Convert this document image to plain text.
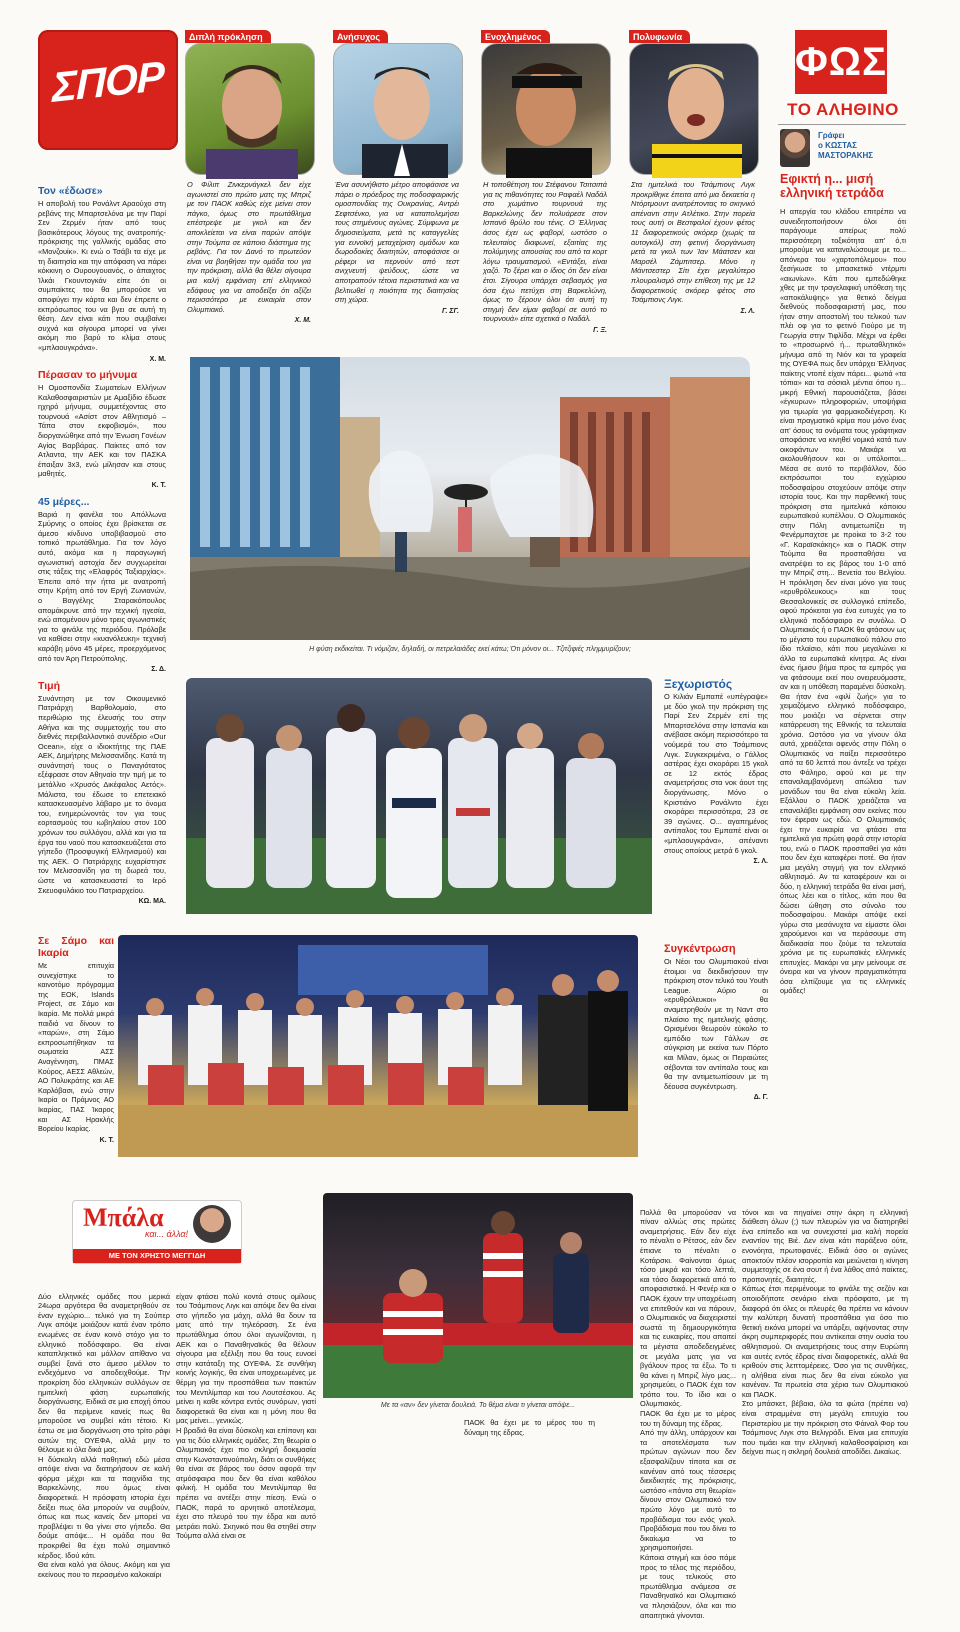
ΣΠΟΡ
Διπλή πρόκληση	Ανήσυχος	Ενοχλημένος	Πολυφωνία

Ο Φίλιπ Ζινκερνάγκελ δεν είχε αγωνιστεί στο πρώτο ματς της Μπριζ με τον ΠΑΟΚ καθώς είχε μείνει στον πάγκο, όμως στο πρωτάθλημα επέστρεψε με γκολ και δεν αποκλείεται να είναι παρών απόψε στην Τούμπα σε κάποιο διάστημα της ρεβάνς. Για τον Δανό το πρωτεύον είναι να βοηθήσει την ομάδα του για την πρόκριση, αλλά θα θέλει σίγουρα μια καλή εμφάνιση επί ελληνικού εδάφους για να αποδείξει ότι αξίζει περισσότερο με ευκαιρία στον Ολυμπιακό.

Χ. Μ.

Ένα ασυνήθιστο μέτρο αποφάσισε να πάρει ο πρόεδρος της ποδοσφαιρικής ομοσπονδίας της Ουκρανίας, Αντρέι Σεφτσένκο, για να καταπολεμήσει τους στημένους αγώνες. Σύμφωνα με δημοσιεύματα, μετά τις καταγγελίες για ευνοϊκή μεταχείριση ομάδων και δωροδοκίες διαιτητών, αποφάσισε οι ρέφερι να περνούν από τεστ ανιχνευτή ψεύδους, ώστε να αποτραπούν τέτοια περιστατικά και να βελτιωθεί η ποιότητα της διαιτησίας στη χώρα.

Γ. ΣΓ.

Η τοποθέτηση του Στέφανου Τσιτσιπά για τις πιθανότητες του Ραφαέλ Ναδάλ στο χωμάτινο τουρνουά της Βαρκελώνης δεν πολυάρεσε στον Ισπανό θρύλο του τένις. Ο Έλληνας άσος έχει ως φαβορί, ωστόσο ο τελευταίος διαφωνεί, εξαιτίας της πολύμηνης απουσίας του από τα κορτ λόγω τραυματισμού. «Εντάξει, είναι χαζό. Το ξέρει και ο ίδιος ότι δεν είναι έτσι. Σίγουρα υπάρχει σεβασμός για όσα έχω πετύχει στη Βαρκελώνη, όμως το ξέρουν όλοι ότι αυτή τη στιγμή δεν είμαι φαβορί σε αυτό το τουρνουά» είπε σχετικά ο Ναδάλ.

Γ. Ξ.

Στα ημιτελικά του Τσάμπιονς Λιγκ προκρίθηκε έπειτα από μια δεκαετία η Ντόρτμουντ ανατρέποντας το σκηνικό απέναντι στην Ατλέτικο. Στην πορεία τους αυτή οι Βεστφαλοί έχουν φέτος 11 διαφορετικούς σκόρερ (χωρίς τα αυτογκόλ) στη φετινή διοργάνωση μετά τα γκολ των Ίαν Μάατσεν και Μαρσέλ Ζάμπιτσερ. Μόνο η Μάντσεστερ Σίτι έχει μεγαλύτερο πλουραλισμό στην επίθεση της με 12 διαφορετικούς σκόρερ φέτος στο Τσάμπιονς Λιγκ.

Σ. Λ.
ΦΩΣ
ΤΟ ΑΛΗΘΙΝΟ
Γράφει
ο ΚΩΣΤΑΣ
ΜΑΣΤΟΡΑΚΗΣ
Εφικτή η... μισή ελληνική τετράδα

Η απεργία του κλάδου επιτρέπει να συνειδητοποιήσουν όλοι ότι παράγουμε απείρως πολύ περισσότερη τοξικότητα απ' ό,τι μπορούμε να καταναλώσουμε με το... απόνερα του «χαρτοπόλεμου» που ξεσήκωσε το μπασκετικό ντέρμπι «αιωνίων». Κάτι που εμπεδώθηκε χθες με την τραγελαφική υπόθεση της «αποκάλυψης» για θετικό δείγμα διεθνούς ποδοσφαιριστή μας, που ήταν στην αποστολή του τελικού των πλέι οφ για το φετινό Γιούρο με τη Γεωργία στην Τιφλίδα. Μέχρι να έρθει το «προσωρινό ή... πρωταθλητικό» μήνυμα από τη Νιόν και τα γραφεία της ΟΥΕΦΑ πως δεν υπάρχει Έλληνας παίκτης ντοπέ είχαν πάρει... φωτιά «τα τόπια» και τα σόσιαλ μέντια όπου η... μικρή Εθνική παρουσιάζεται, βάσει «έγκυρων» πληροφοριών, υποψήφια για τιμωρία για φαρμακοδιέγερση. Κι είναι πραγματικό κρίμα που μόνο ένας απ' όσους τα ονόματα τους γράφτηκαν αποφάσισε να κινηθεί νομικά κατά των οικοφάντων του. Μακάρι να ακολουθήσουν και οι υπόλοιποι... Μέσα σε αυτό το περιβάλλον, δύο εκπρόσωποι του εγχώριου ποδοσφαίρου στοχεύουν απόψε στην ιστορία τους. Και την παρθενική τους πρόκριση στα ημιτελικά κάποιου ευρωπαϊκού κυπέλλου. Ο Ολυμπιακός στην Πόλη αντιμετωπίζει τη Φενέρμπαχτσε με προίκα το 3-2 του «Γ. Καραϊσκάκης» και ο ΠΑΟΚ στην Τούμπα θα προσπαθήσει να ανατρέψει το εις βάρος του 1-0 από την Μπριζ στη... Βενετία του Βελγίου. Η πρόκληση δεν είναι μόνο για τους «ερυθρόλευκους» και τους Θεσσαλονικείς σε συλλογικό επίπεδο, αφού πρόκειται για ένα ευτυχές για το ελληνικό ποδόσφαιρο εν συνόλω. Ο Ολυμπιακός ή ο ΠΑΟΚ θα φτάσουν ως το μέγιστο του ευρωπαϊκού πάλου στο ίδιο πλαίσιο, κάτι που μεγαλώνει κι άλλο τα ευρωπαϊκά κίνητρα. Ας είναι ένας ήμισυ βήμα προς τα εμπρός για να φτάσουμε εκεί που ονειρευόμαστε, αν και η υπόθεση παραμένει δύσκολη. Θα ήταν ένα «φιλί ζωής» για το χειμαζόμενο ελληνικό ποδόσφαιρο, που μοιάζει να σέρνεται στην κατάρρευση της Εθνικής τα τελευταία χρόνια. Ωστόσο για να γίνουν όλα αυτά, χρειάζεται αφενός στην Πόλη ο Ολυμπιακός να παίξει περισσότερο από τα 60 λεπτά που άντεξε να τρέχει στο Φάληρο, αφού και με την επαναλαμβανόμενη απώλεια των μονάδων του θα είναι εύκολη λεία. Εξάλλου ο ΠΑΟΚ χρειάζεται να επαναλάβει εμφάνιση σαν εκείνες που τον έφεραν ως εδώ. Ο Ολυμπιακός έχει την ευκαιρία να φτάσει στα ημιτελικά για πρώτη φορά στην ιστορία του, ενώ ο ΠΑΟΚ προσπαθεί για κάτι που δεν έχει καταφέρει ποτέ. Θα ήταν μια μεγάλη στιγμή για τον ελληνικό αθλητισμό. Αν τα καταφέρουν και οι δύο, η ελληνική τετράδα θα είναι μισή, όπως λέει και ο τίτλος, κάτι που θα δώσει ώθηση στο σύνολο του ποδοσφαίρου. Μακάρι απόψε εκεί γύρω στα μεσάνυχτα να είμαστε όλοι χαρούμενοι και να περάσουμε στη διαδικασία που ζούμε τα τελευταία χρόνια με τις ευρωπαϊκές ελληνικές επιτυχίες. Μακάρι να μην μείνουμε σε όνειρα και να γίνουν πραγματικότητα όσα ελπίζουμε για τις ελληνικές ομάδες!

Τον «έδωσε»

Η αποβολή του Ρονάλντ Αραούχο στη ρεβάνς της Μπαρτσελόνα με την Παρί Σεν Ζερμέν ήταν από τους βασικότερους λόγους της ανατροπής-πρόκρισης της γαλλικής ομάδας στο «Μονζουίκ». Κι ενώ ο Τσάβι τα είχε με τη διαιτησία και την απόφαση να πάρει κόκκινη ο Ουρουγουανός, ο άπαιχτος Ίλκάι Γκουντογκάν είπε ότι οι συμπαίκτες του θα μπορούσε να αποφύγει την κάρτα και δεν έπρεπε ο εκπρόσωπος του να βγει σε αυτή τη θέση. Δεν είναι κάτι που συμβαίνει συχνά και σίγουρα μπορεί να γίνει ακόμη πιο βαρύ το κλίμα στους «μπλαουγκράνα».

Χ. Μ.
Πέρασαν το μήνυμα

Η Ομοσπονδία Σωματείων Ελλήνων Καλαθοσφαιριστών με Αμαξίδιο έδωσε ηχηρό μήνυμα, συμμετέχοντας στο τουρνουά «Ασίστ στον Αθλητισμό – Τάπα στον εκφοβισμό», που διοργανώθηκε από την Ένωση Γονέων Αγίας Βαρβάρας. Παίκτες από τον Ατλαντα, την ΑΕΚ και τον ΠΑΣΚΑ έπαιξαν 3x3, ενώ μίλησαν και στους μαθητές.

Κ. Τ.
45 μέρες...

Βαριά η φανέλα του Απόλλωνα Σμύρνης ο οποίος έχει βρίσκεται σε άμεσο κίνδυνο υποβιβασμού στο τοπικό πρωτάθλημα. Για τον λόγο αυτό, ακόμα και η παραγωγική αγωνιστική αστοχία δεν συγχωρείται στις τάξεις της «Ελαφρός Ταξιαρχίας». Έπειτα από την ήττα με ανατροπή στην Κρήτη από τον Εργή Ζωνιανών, ο Βαγγέλης Σταρακόπουλος απομάκρυνε από την τεχνική ηγεσία, ενώ απομένουν μόνο τρεις αγωνιστικές για το φινάλε της περιόδου. Πρόλαβε να καθίσει στην «κυανόλευκη» τεχνική καράβη μόνο 45 μέρες, προερχόμενος από τον Άρη Πετρούπολης.

Σ. Δ.
Τιμή

Συνάντηση με τον Οικουμενικό Πατριάρχη Βαρθολομαίο, στο περιθώριο της έλευσής του στην Αθήνα και της συμμετοχής του στο διεθνές περιβαλλοντικό συνέδριο «Our Ocean», είχε ο ιδιοκτήτης της ΠΑΕ ΑΕΚ, Δημήτρης Μελισσανίδης. Κατά τη συνάντησή τους ο Παναγιότατος εξέφρασε στον Αθηναίο την τιμή με το μετάλλιο «Χρυσός Δικέφαλος Αετός». Μάλιστα, του έδωσε το επετειακό κατασκευασμένο λάβαρο με το όνομα του, ενημερώνοντάς τον για τους εορτασμούς του ιωβηλαίου στον 100 χρόνων του συλλόγου, αλλά και για τα έργα του ναού που κατασκευάζεται στο γήπεδο (Προσφυγική Ελληνισμού) και της ΑΕΚ. Ο Πατριάρχης ευχαρίστησε τον Μελισσανίδη για τη δωρεά του, ώστε να κατασκευαστεί το Ιερό Σκευοφυλάκιο του Πατριαρχείου.

ΚΩ. ΜΑ.
Η φύση εκδικείται. Τι νόμιζαν, δηλαδή, οι πετρελαιάδες εκεί κάτω; Ότι μόνον οι... Τζιτζιφιές πλημμυρίζουν;
Ξεχωριστός

Ο Κιλιάν Εμπαπέ «υπέγραψε» με δύο γκολ την πρόκριση της Παρί Σεν Ζερμέν επί της Μπαρτσελόνα στην Ισπανία και ανέβασε ακόμη περισσότερο τα νούμερά του στο Τσάμπιονς Λιγκ. Συγκεκριμένα, ο Γάλλος αστέρας έχει σκοράρει 15 γκολ σε 12 εκτός έδρας αναμετρήσεις στα νοκ άουτ της διοργάνωσης. Μόνο ο Κριστιάνο Ρονάλντο έχει σκοράρει περισσότερα, 23 σε 39 αγώνες. Ο... αγαπημένος αντίπαλος του Εμπαπέ είναι οι «μπλαουγκράνα», απέναντι στους οποίους μετρά 6 γκολ.

Σ. Λ.
Σε Σάμο και Ικαρία

Με επιτυχία συνεχίστηκε το καινοτόμο πρόγραμμα της ΕΟΚ, Islands Project, σε Σάμο και Ικαρία. Με πολλά μικρά παιδιά να δίνουν το «παρών», στη Σάμο εκπροσωπήθηκαν τα σωματεία ΑΣΣ Αναγέννηση, ΠΜΑΣ Κούρος, ΑΕΣΣ Αθλεών, ΑΟ Πολυκράτης και ΑΕ Καρλόβασι, ενώ στην Ικαρία οι Πράμνος ΑΟ Ικαρίας, ΠΑΣ Ίκαρος και ΑΣ Ηρακλής Βορείου Ικαρίας.

Κ. Τ.
Συγκέντρωση

Οι Νέοι του Ολυμπιακού είναι έτοιμοι να διεκδικήσουν την πρόκριση στον τελικό του Youth League. Αύριο οι «ερυθρόλευκοι» θα αναμετρηθούν με τη Ναντ στο πλαίσιο της ημιτελικής φάσης. Ορισμένοι θεωρούν εύκολο το εμπόδιο των Γάλλων σε σύγκριση με εκείνα των Πόρτο και Μίλαν, όμως οι Πειραιώτες σέβονται τον αντίπαλο τους και θα την αντιμετωπίσουν με τη δέουσα συγκέντρωση.

Δ. Γ.
Μπάλα
και... άλλα!
ΜΕ ΤΟΝ ΧΡΗΣΤΟ ΜΕΓΓΙΔΗ
Με τα «αν» δεν γίνεται δουλειά. Το θέμα είναι τι γίνεται απόψε...

Δύο ελληνικές ομάδες που μερικά 24ωρα αργότερα θα αναμετρηθούν σε έναν εγχώριο... τελικό για τη Σούπερ Λιγκ απόψε μοιάζουν κατά έναν τρόπο ενωμένες σε έναν κοινό στόχο για το ελληνικό ποδόσφαιρο. Θα είναι καταπληκτικό και μάλλον απίθανο να συμβεί ξανά στο άμεσο μέλλον το ενδεχόμενο να αποδειχθούμε. Την προκρίση δύο ελληνικών συλλόγων σε ημιτελική φάση ευρωπαϊκής διοργάνωσης. Ειδικά σε μια εποχή όπου δεν θα περίμενε κανείς πως θα μπορούσε να συμβεί κάτι τέτοιο. Κι έστω σε μια διοργάνωση στο τρίτο ράφι αυτών της ΟΥΕΦΑ, αλλά μην το θέλουμε κι όλα δικά μας.
Η δύσκολη αλλά παθητική εδώ μέσα απόψε είναι να διατηρήσουν σε καλή φόρμα μέχρι και τα παιχνίδια της Βαρκελώνης, που όμως είναι διαφορετικά. Η πρόσφατη ιστορία έχει δείξει πως όλα μπορούν να συμβούν, όπως και πως κανείς δεν μπορεί να προβλέψει τι θα γίνει στο γήπεδο. Θα δούμε απόψε... Η ομάδα που θα προκριθεί θα έχει πολύ σημαντικό κέρδος. Ιδού κάτι.
Θα είναι καλό για όλους. Ακόμη και για εκείνους που το περασμένο καλοκαίρι

είχαν φτάσει πολύ κοντά στους ομίλους του Τσάμπιονς Λιγκ και απόψε δεν θα είναι στο γήπεδο για μάχη, αλλά θα δουν τα ματς από την τηλεόραση. Σε ένα πρωτάθλημα όπου όλοι αγωνίζονται, η ΑΕΚ και ο Παναθηναϊκός θα θέλουν σίγουρα μια εξέλιξη που θα τους ευνοεί στην κατάταξη της ΟΥΕΦΑ. Σε συνθήκη κοινής λογικής, θα είναι υποχρεωμένες με θέρμη για την προσπάθεια των παικτών του Μεντιλίμπαρ και του Λουτσέσκου. Ας μείνει η καθε κόντρα εντός συνόρων, γιατί διαφορετικά θα είναι και η μόνη που θα μας μείνει... γενικώς.
Η βραδιά θα είναι δύσκολη και επίπονη και για τις δύο ελληνικές ομάδες. Στη θεωρία ο Ολυμπιακός έχει πιο σκληρή δοκιμασία στην Κωνσταντινούπολη, διότι οι συνθήκες θα είναι σε βάρος του όσον αφορά την ατμόσφαιρα που δεν θα είναι καθόλου φιλική. Η ομάδα του Μεντιλίμπαρ θα πρέπει να αντέξει στην πίεση. Ενώ ο ΠΑΟΚ, παρά το αρνητικό αποτέλεσμα, έχει στο πλευρό του την έδρα και αυτό μετράει πολύ. Σκηνικό που θα στηθεί στην Τούμπα αλλά είναι σε

Πολλά θα μπορούσαν να πίναν αλλιώς στις πρώτες αναμετρήσεις. Εάν δεν είχε το πέναλτι ο Ρέτσος, εάν δεν έπιανε το πέναλτι ο Κοτάρσκι. Φαίνονται όμως τόσο μικρά και τόσο λεπτά, και τόσο διαφορετικά από το αποφασιστικό. Η Φενέρ και ο ΠΑΟΚ έχουν την υποχρέωση να επιτεθούν και να πάρουν, ο Ολυμπιακός να διαχειριστεί σωστά τη δημιουργικότητα και τις ευκαιρίες, που απαιτεί τα μέγιστα αποδεδειγμένες σε μεγάλα ματς για να βγάλουν προς τα έξω. Το τι θα κάνει η Μπριζ λίγο μας... χρησιμεύει, ο ΠΑΟΚ έχει τον τρόπο του. Το ίδιο και ο Ολυμπιακός.
ΠΑΟΚ θα έχει με το μέρος του τη δύναμη της έδρας.
Από την άλλη, υπάρχουν και τα αποτελέσματα των πρώτων αγώνων που δεν εξασφαλίζουν τίποτα και σε κανέναν από τους τέσσερις διεκδικητές της πρόκρισης, ωστόσο «πάντα στη θεωρία» δίνουν στον Ολυμπιακό τον πρώτο λόγο με αυτό το προβάδισμα του ενός γκολ. Προβάδισμα που του δίνει το δικαίωμα να το χρησιμοποιήσει.
Κάποια στιγμή και όσο πάμε προς το τέλος της περιόδου, με τους τελικούς στο πρωτάθλημα ανάμεσα σε Παναθηναϊκό και Ολυμπιακό να πλησιάζουν, όλα και πιο απαιτητικά γίνονται.

τόνοι και να πηγαίνει στην άκρη η ελληνική διάθεση όλων (;) των πλευρών για να διατηρηθεί ένα επίπεδο και να συνεχιστεί μια καλή πορεία εναντίον της Βιέ. Δεν είναι κάτι παράξενο ούτε, ενονόητα, πρωτοφανές. Ειδικά όσο οι αγώνες αποκτούν πλέον ισορροπία και μειώνεται η κίνηση συμμετοχής σε ένα σουτ ή ένα λάθος από παίκτες, προπονητές, διαιτητές.
Κάπως έτσι περιμένουμε το φινάλε της σεζόν και οποιοδήποτε σενάριο είναι πρόσφατο, με τη διαφορά ότι όλες οι πλευρές θα πρέπει να κάνουν την καλύτερη δυνατή προσπάθεια για όσο πιο θετική εικόνα μπορεί να υπάρξει, αφήνοντας στην άκρη συμπεριφορές που αντίκειται στην ουσία του αθλητισμού. Οι αναμετρήσεις τους στην Ευρώπη και αυτές εντός έδρας είναι διαφορετικές, αλλά θα κριθούν στις λεπτομέρειες. Όσο για τις συνθήκες, η αλήθεια είναι πως δεν θα είναι εύκολο για κανέναν. Τα πρωτεία στα χέρια των Ολυμπιακού και ΠΑΟΚ.
Στο μπάσκετ, βέβαια, όλα τα φώτα (πρέπει να) είναι στραμμένα στη μεγάλη επιτυχία του Περιστερίου με την πρόκριση στο Φάιναλ Φορ του Τσάμπιονς Λιγκ στο Βελιγράδι. Είναι μια επιτυχία που τιμάει και την ελληνική καλαθοσφαίριση και δείχνει πως η σκληρή δουλειά αποδίδει. Δικαίως.

ΠΑΟΚ θα έχει με το μέρος του τη δύναμη της έδρας.
